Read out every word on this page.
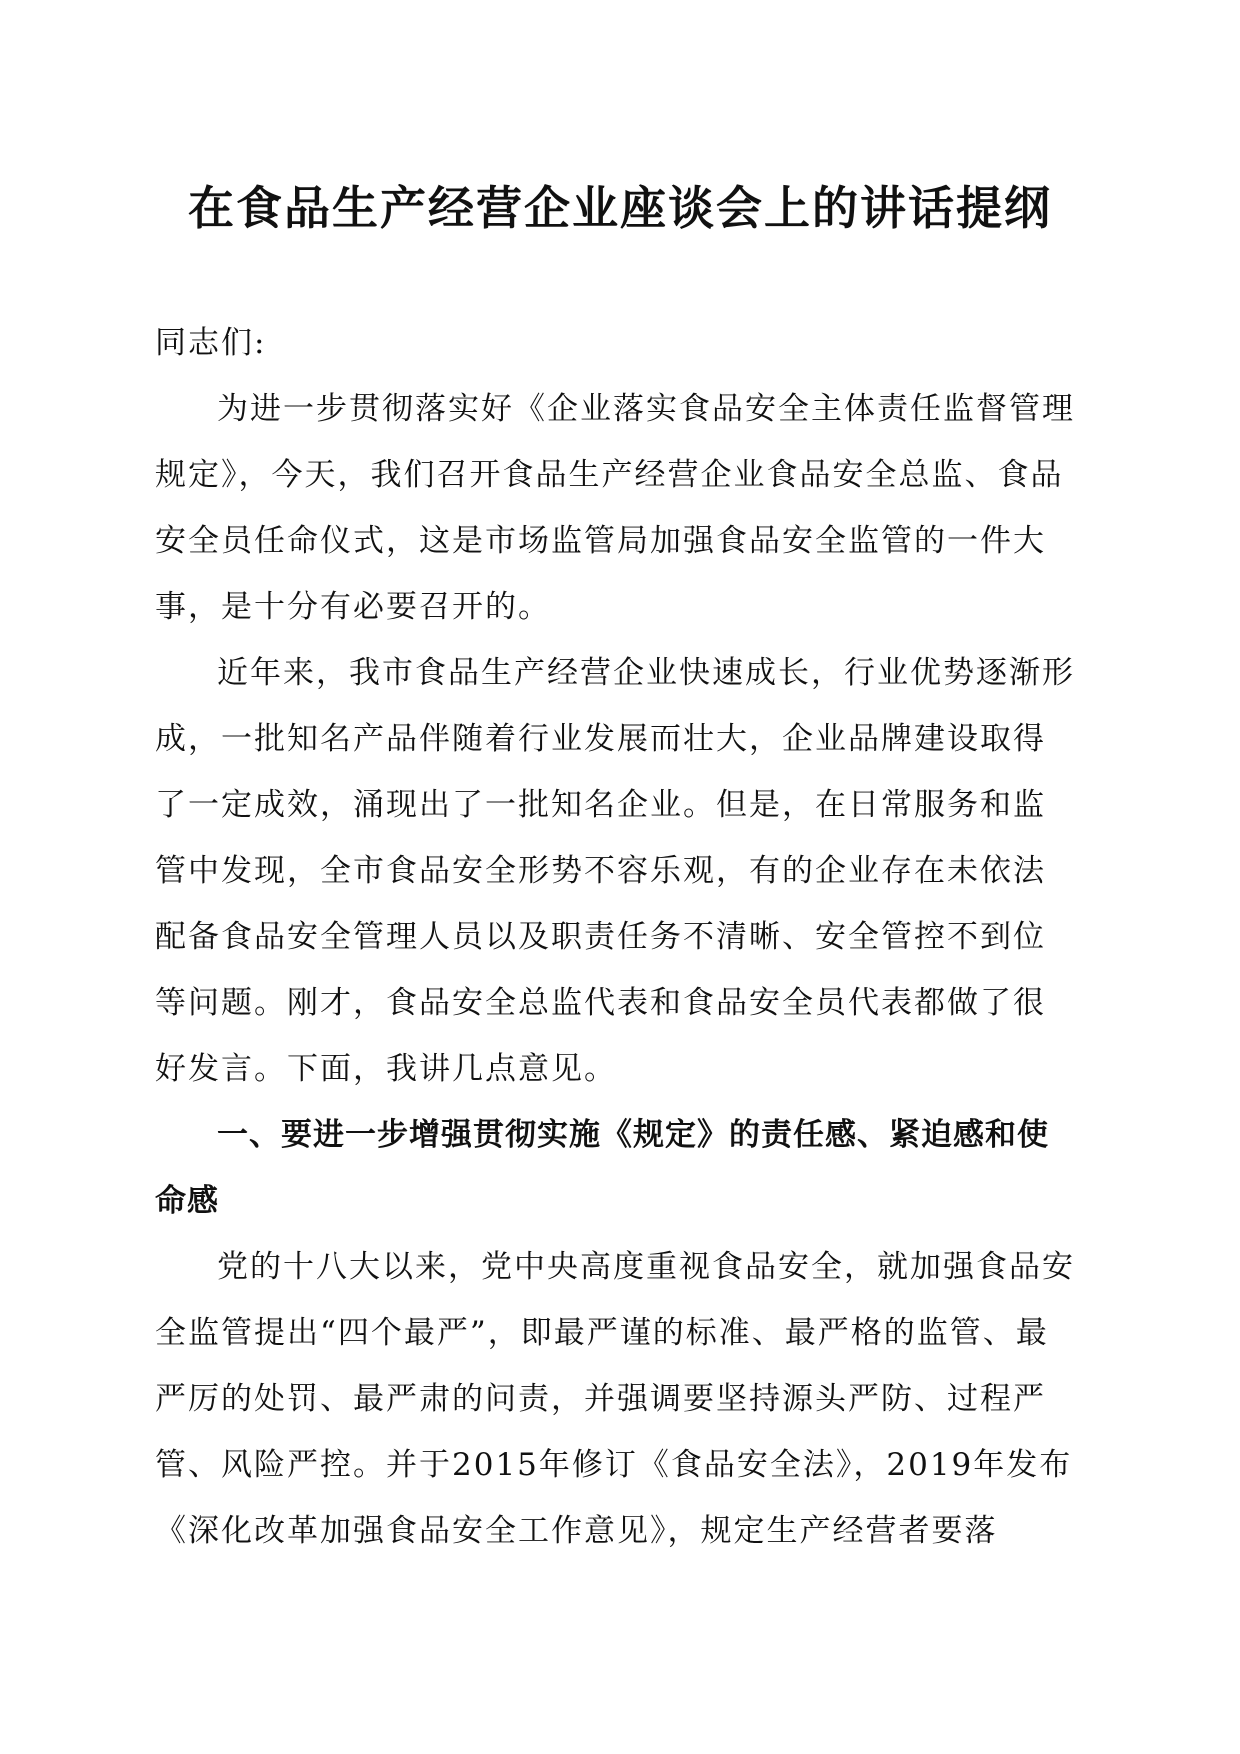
在食品生产经营企业座谈会上的讲话提纲

同志们:

为进一步贯彻落实好《企业落实食品安全主体责任监督管理规定》，今天，我们召开食品生产经营企业食品安全总监、食品安全员任命仪式，这是市场监管局加强食品安全监管的一件大事，是十分有必要召开的。

近年来，我市食品生产经营企业快速成长，行业优势逐渐形成，一批知名产品伴随着行业发展而壮大，企业品牌建设取得了一定成效，涌现出了一批知名企业。但是，在日常服务和监管中发现，全市食品安全形势不容乐观，有的企业存在未依法配备食品安全管理人员以及职责任务不清晰、安全管控不到位等问题。刚才，食品安全总监代表和食品安全员代表都做了很好发言。下面，我讲几点意见。

一、要进一步增强贯彻实施《规定》的责任感、紧迫感和使命感

党的十八大以来，党中央高度重视食品安全，就加强食品安全监管提出“四个最严”，即最严谨的标准、最严格的监管、最严厉的处罚、最严肃的问责，并强调要坚持源头严防、过程严管、风险严控。并于2015年修订《食品安全法》，2019年发布《深化改革加强食品安全工作意见》，规定生产经营者要落
